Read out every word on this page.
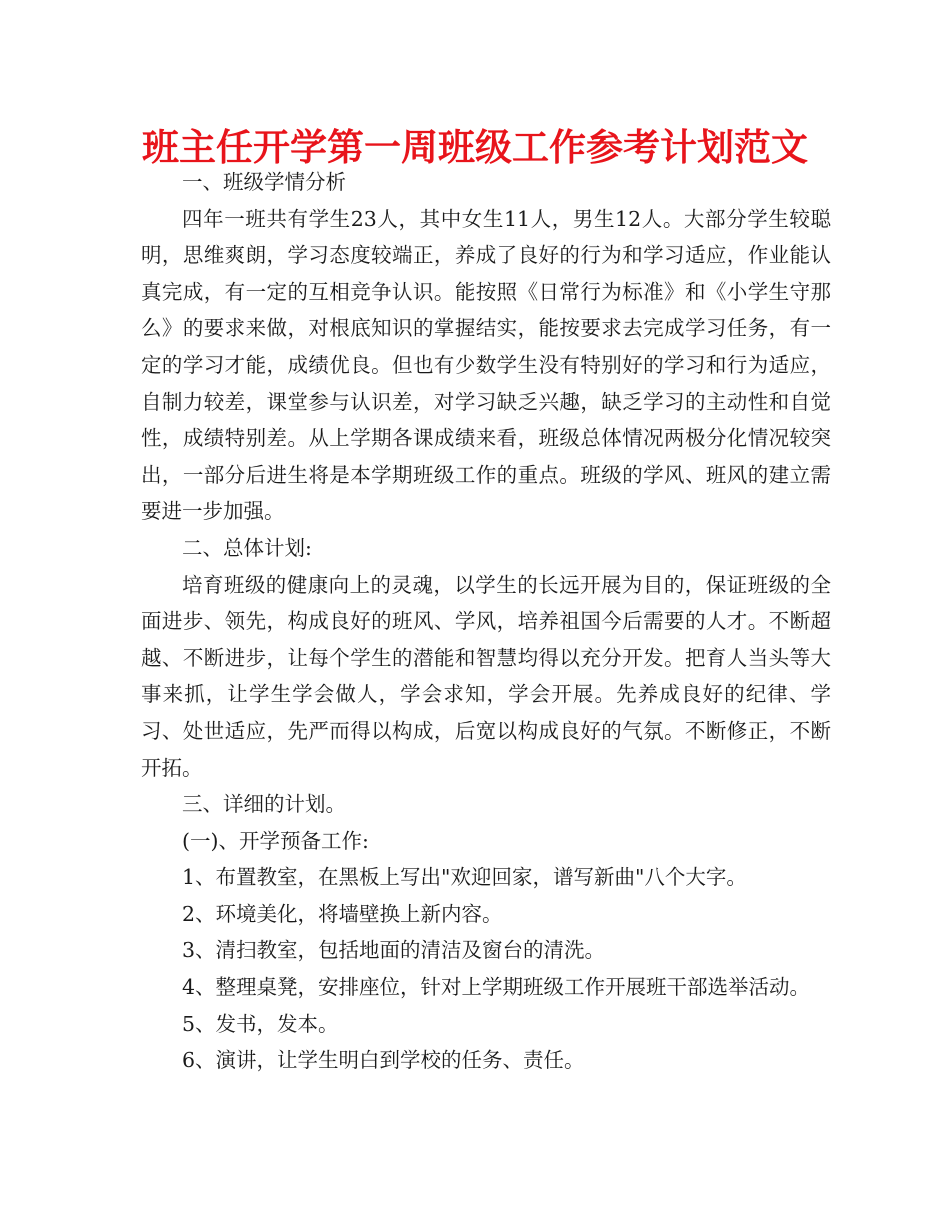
班主任开学第一周班级工作参考计划范文

一、班级学情分析

四年一班共有学生23人，其中女生11人，男生12人。大部分学生较聪明，思维爽朗，学习态度较端正，养成了良好的行为和学习适应，作业能认真完成，有一定的互相竞争认识。能按照《日常行为标准》和《小学生守那么》的要求来做，对根底知识的掌握结实，能按要求去完成学习任务，有一定的学习才能，成绩优良。但也有少数学生没有特别好的学习和行为适应，自制力较差，课堂参与认识差，对学习缺乏兴趣，缺乏学习的主动性和自觉性，成绩特别差。从上学期各课成绩来看，班级总体情况两极分化情况较突出，一部分后进生将是本学期班级工作的重点。班级的学风、班风的建立需要进一步加强。

二、总体计划:

培育班级的健康向上的灵魂，以学生的长远开展为目的，保证班级的全面进步、领先，构成良好的班风、学风，培养祖国今后需要的人才。不断超越、不断进步，让每个学生的潜能和智慧均得以充分开发。把育人当头等大事来抓，让学生学会做人，学会求知，学会开展。先养成良好的纪律、学习、处世适应，先严而得以构成，后宽以构成良好的气氛。不断修正，不断开拓。

三、详细的计划。

(一)、开学预备工作:

1、布置教室，在黑板上写出"欢迎回家，谱写新曲"八个大字。

2、环境美化，将墙壁换上新内容。

3、清扫教室，包括地面的清洁及窗台的清洗。

4、整理桌凳，安排座位，针对上学期班级工作开展班干部选举活动。

5、发书，发本。

6、演讲，让学生明白到学校的任务、责任。
